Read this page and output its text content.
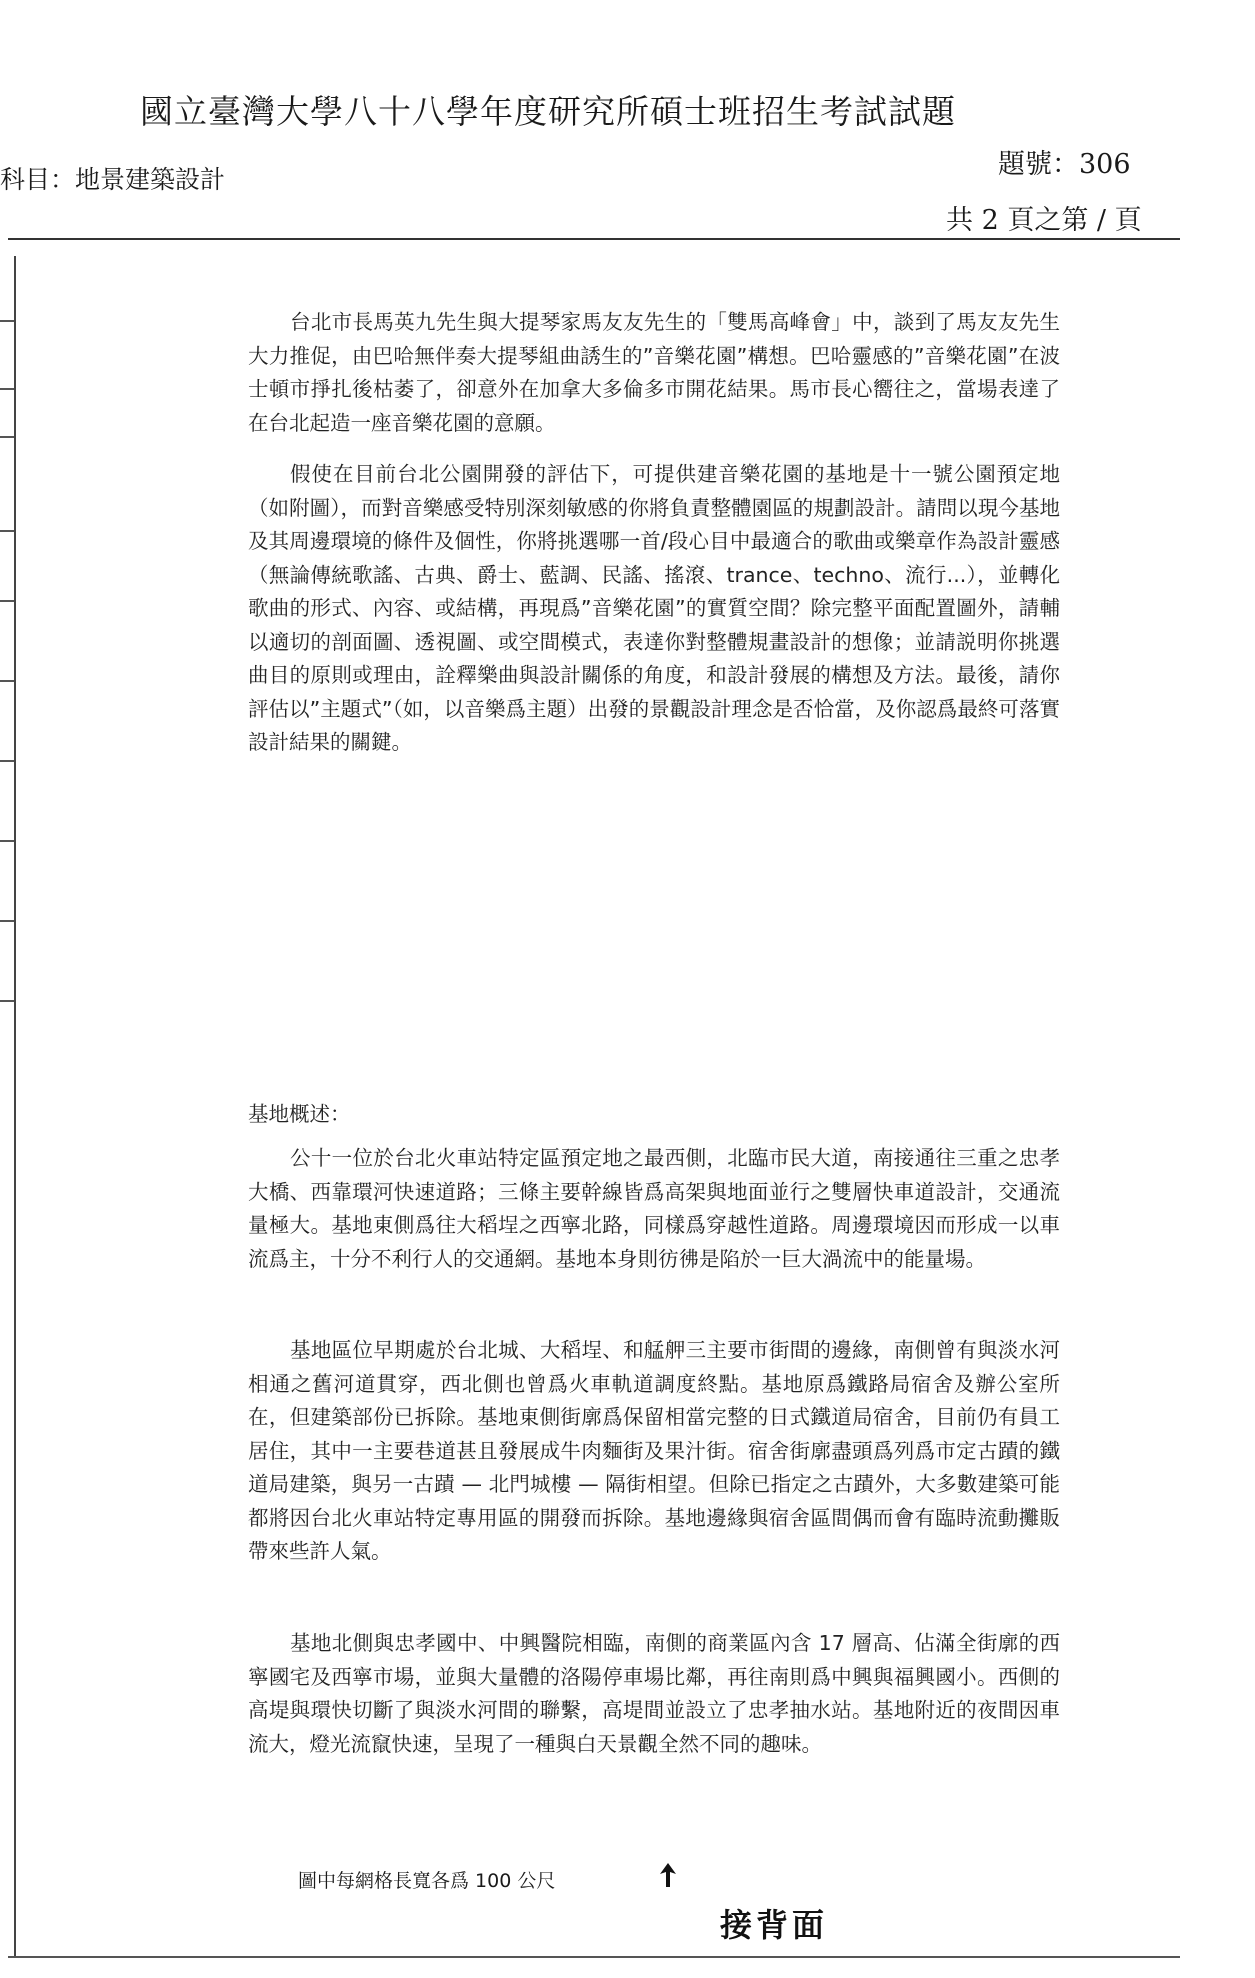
國立臺灣大學八十八學年度研究所碩士班招生考試試題
科目：地景建築設計	題號：306
共 2 頁之第 / 頁

台北市長馬英九先生與大提琴家馬友友先生的「雙馬高峰會」中，談到了馬友友先生大力推促，由巴哈無伴奏大提琴組曲誘生的”音樂花園”構想。巴哈靈感的”音樂花園”在波士頓市掙扎後枯萎了，卻意外在加拿大多倫多市開花結果。馬市長心嚮往之，當場表達了在台北起造一座音樂花園的意願。

假使在目前台北公園開發的評估下，可提供建音樂花園的基地是十一號公園預定地（如附圖），而對音樂感受特別深刻敏感的你將負責整體園區的規劃設計。請問以現今基地及其周邊環境的條件及個性，你將挑選哪一首/段心目中最適合的歌曲或樂章作為設計靈感（無論傳統歌謠、古典、爵士、藍調、民謠、搖滾、trance、techno、流行...），並轉化歌曲的形式、內容、或結構，再現爲”音樂花園”的實質空間？除完整平面配置圖外，請輔以適切的剖面圖、透視圖、或空間模式，表達你對整體規畫設計的想像；並請説明你挑選曲目的原則或理由，詮釋樂曲與設計關係的角度，和設計發展的構想及方法。最後，請你評估以”主題式”（如，以音樂爲主題）出發的景觀設計理念是否恰當，及你認爲最終可落實設計結果的關鍵。

基地概述：

公十一位於台北火車站特定區預定地之最西側，北臨市民大道，南接通往三重之忠孝大橋、西靠環河快速道路；三條主要幹線皆爲高架與地面並行之雙層快車道設計，交通流量極大。基地東側爲往大稻埕之西寧北路，同樣爲穿越性道路。周邊環境因而形成一以車流爲主，十分不利行人的交通網。基地本身則彷彿是陷於一巨大渦流中的能量場。

基地區位早期處於台北城、大稻埕、和艋舺三主要市街間的邊緣，南側曾有與淡水河相通之舊河道貫穿，西北側也曾爲火車軌道調度終點。基地原爲鐵路局宿舍及辦公室所在，但建築部份已拆除。基地東側街廓爲保留相當完整的日式鐵道局宿舍，目前仍有員工居住，其中一主要巷道甚且發展成牛肉麵街及果汁街。宿舍街廓盡頭爲列爲市定古蹟的鐵道局建築，與另一古蹟 — 北門城樓 — 隔街相望。但除已指定之古蹟外，大多數建築可能都將因台北火車站特定專用區的開發而拆除。基地邊緣與宿舍區間偶而會有臨時流動攤販帶來些許人氣。

基地北側與忠孝國中、中興醫院相臨，南側的商業區內含 17 層高、佔滿全街廓的西寧國宅及西寧市場，並與大量體的洛陽停車場比鄰，再往南則爲中興與福興國小。西側的高堤與環快切斷了與淡水河間的聯繫，高堤間並設立了忠孝抽水站。基地附近的夜間因車流大，燈光流竄快速，呈現了一種與白天景觀全然不同的趣味。

圖中每網格長寬各爲 100 公尺
接背面
